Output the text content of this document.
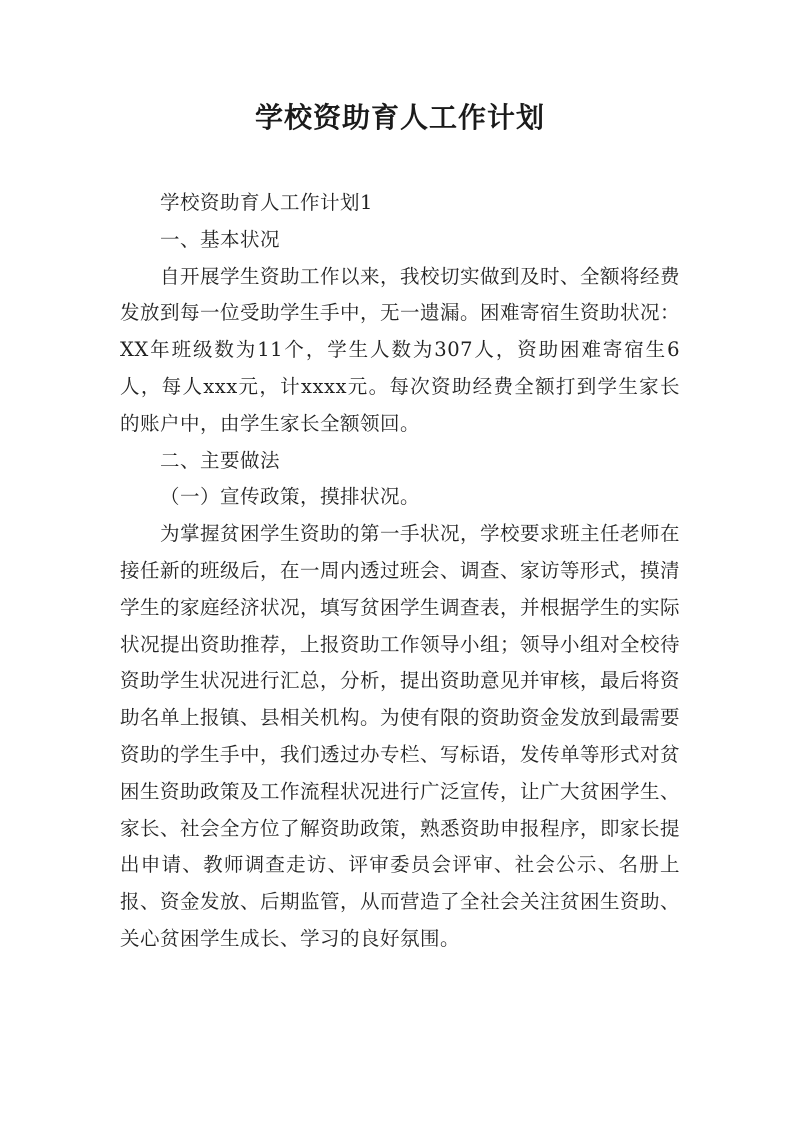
学校资助育人工作计划

学校资助育人工作计划1

一、基本状况

自开展学生资助工作以来，我校切实做到及时、全额将经费发放到每一位受助学生手中，无一遗漏。困难寄宿生资助状况：XX年班级数为11个，学生人数为307人，资助困难寄宿生6人，每人xxx元，计xxxx元。每次资助经费全额打到学生家长的账户中，由学生家长全额领回。

二、主要做法

（一）宣传政策，摸排状况。

为掌握贫困学生资助的第一手状况，学校要求班主任老师在接任新的班级后，在一周内透过班会、调查、家访等形式，摸清学生的家庭经济状况，填写贫困学生调查表，并根据学生的实际状况提出资助推荐，上报资助工作领导小组；领导小组对全校待资助学生状况进行汇总，分析，提出资助意见并审核，最后将资助名单上报镇、县相关机构。为使有限的资助资金发放到最需要资助的学生手中，我们透过办专栏、写标语，发传单等形式对贫困生资助政策及工作流程状况进行广泛宣传，让广大贫困学生、家长、社会全方位了解资助政策，熟悉资助申报程序，即家长提出申请、教师调查走访、评审委员会评审、社会公示、名册上报、资金发放、后期监管，从而营造了全社会关注贫困生资助、关心贫困学生成长、学习的良好氛围。
